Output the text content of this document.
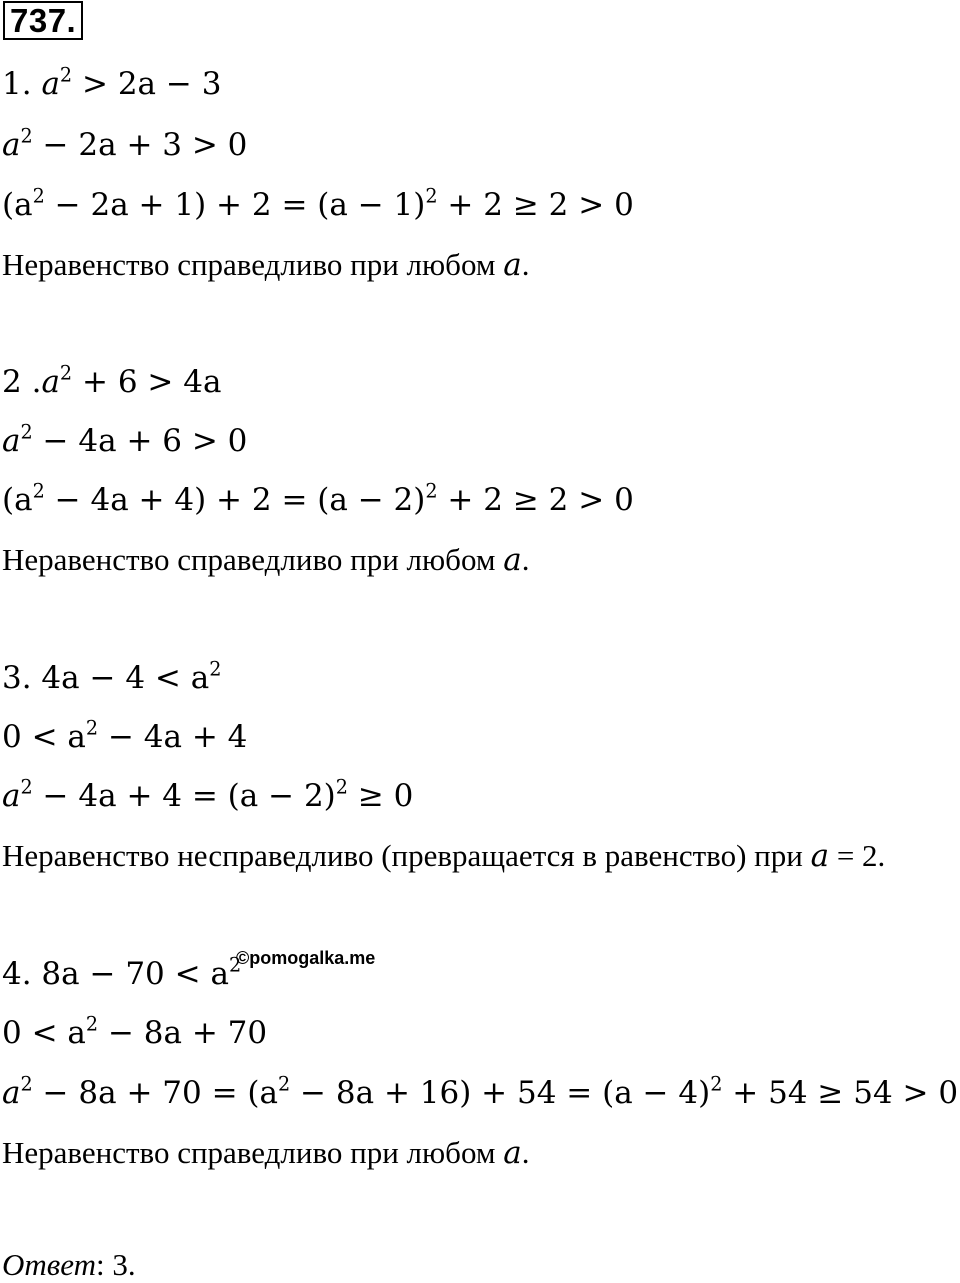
737.
1. $a^2 > 2a - 3$
$a^2 - 2a + 3 > 0$
$(a^2 - 2a + 1) + 2 = (a - 1)^2 + 2 \ge 2 > 0$
Неравенство справедливо при любом a.
2 $.a^2 + 6 > 4a$
$a^2 - 4a + 6 > 0$
$(a^2 - 4a + 4) + 2 = (a - 2)^2 + 2 \ge 2 > 0$
Неравенство справедливо при любом a.
3. $4a - 4 < a^2$
$0 < a^2 - 4a + 4$
$a^2 - 4a + 4 = (a - 2)^2 \ge 0$
Неравенство несправедливо (превращается в равенство) при a = 2.
4. $8a - 70 < a^2$
©pomogalka.me
$0 < a^2 - 8a + 70$
$a^2 - 8a + 70 = (a^2 - 8a + 16) + 54 = (a - 4)^2 + 54 \ge 54 > 0$
Неравенство справедливо при любом a.
Ответ: 3.
